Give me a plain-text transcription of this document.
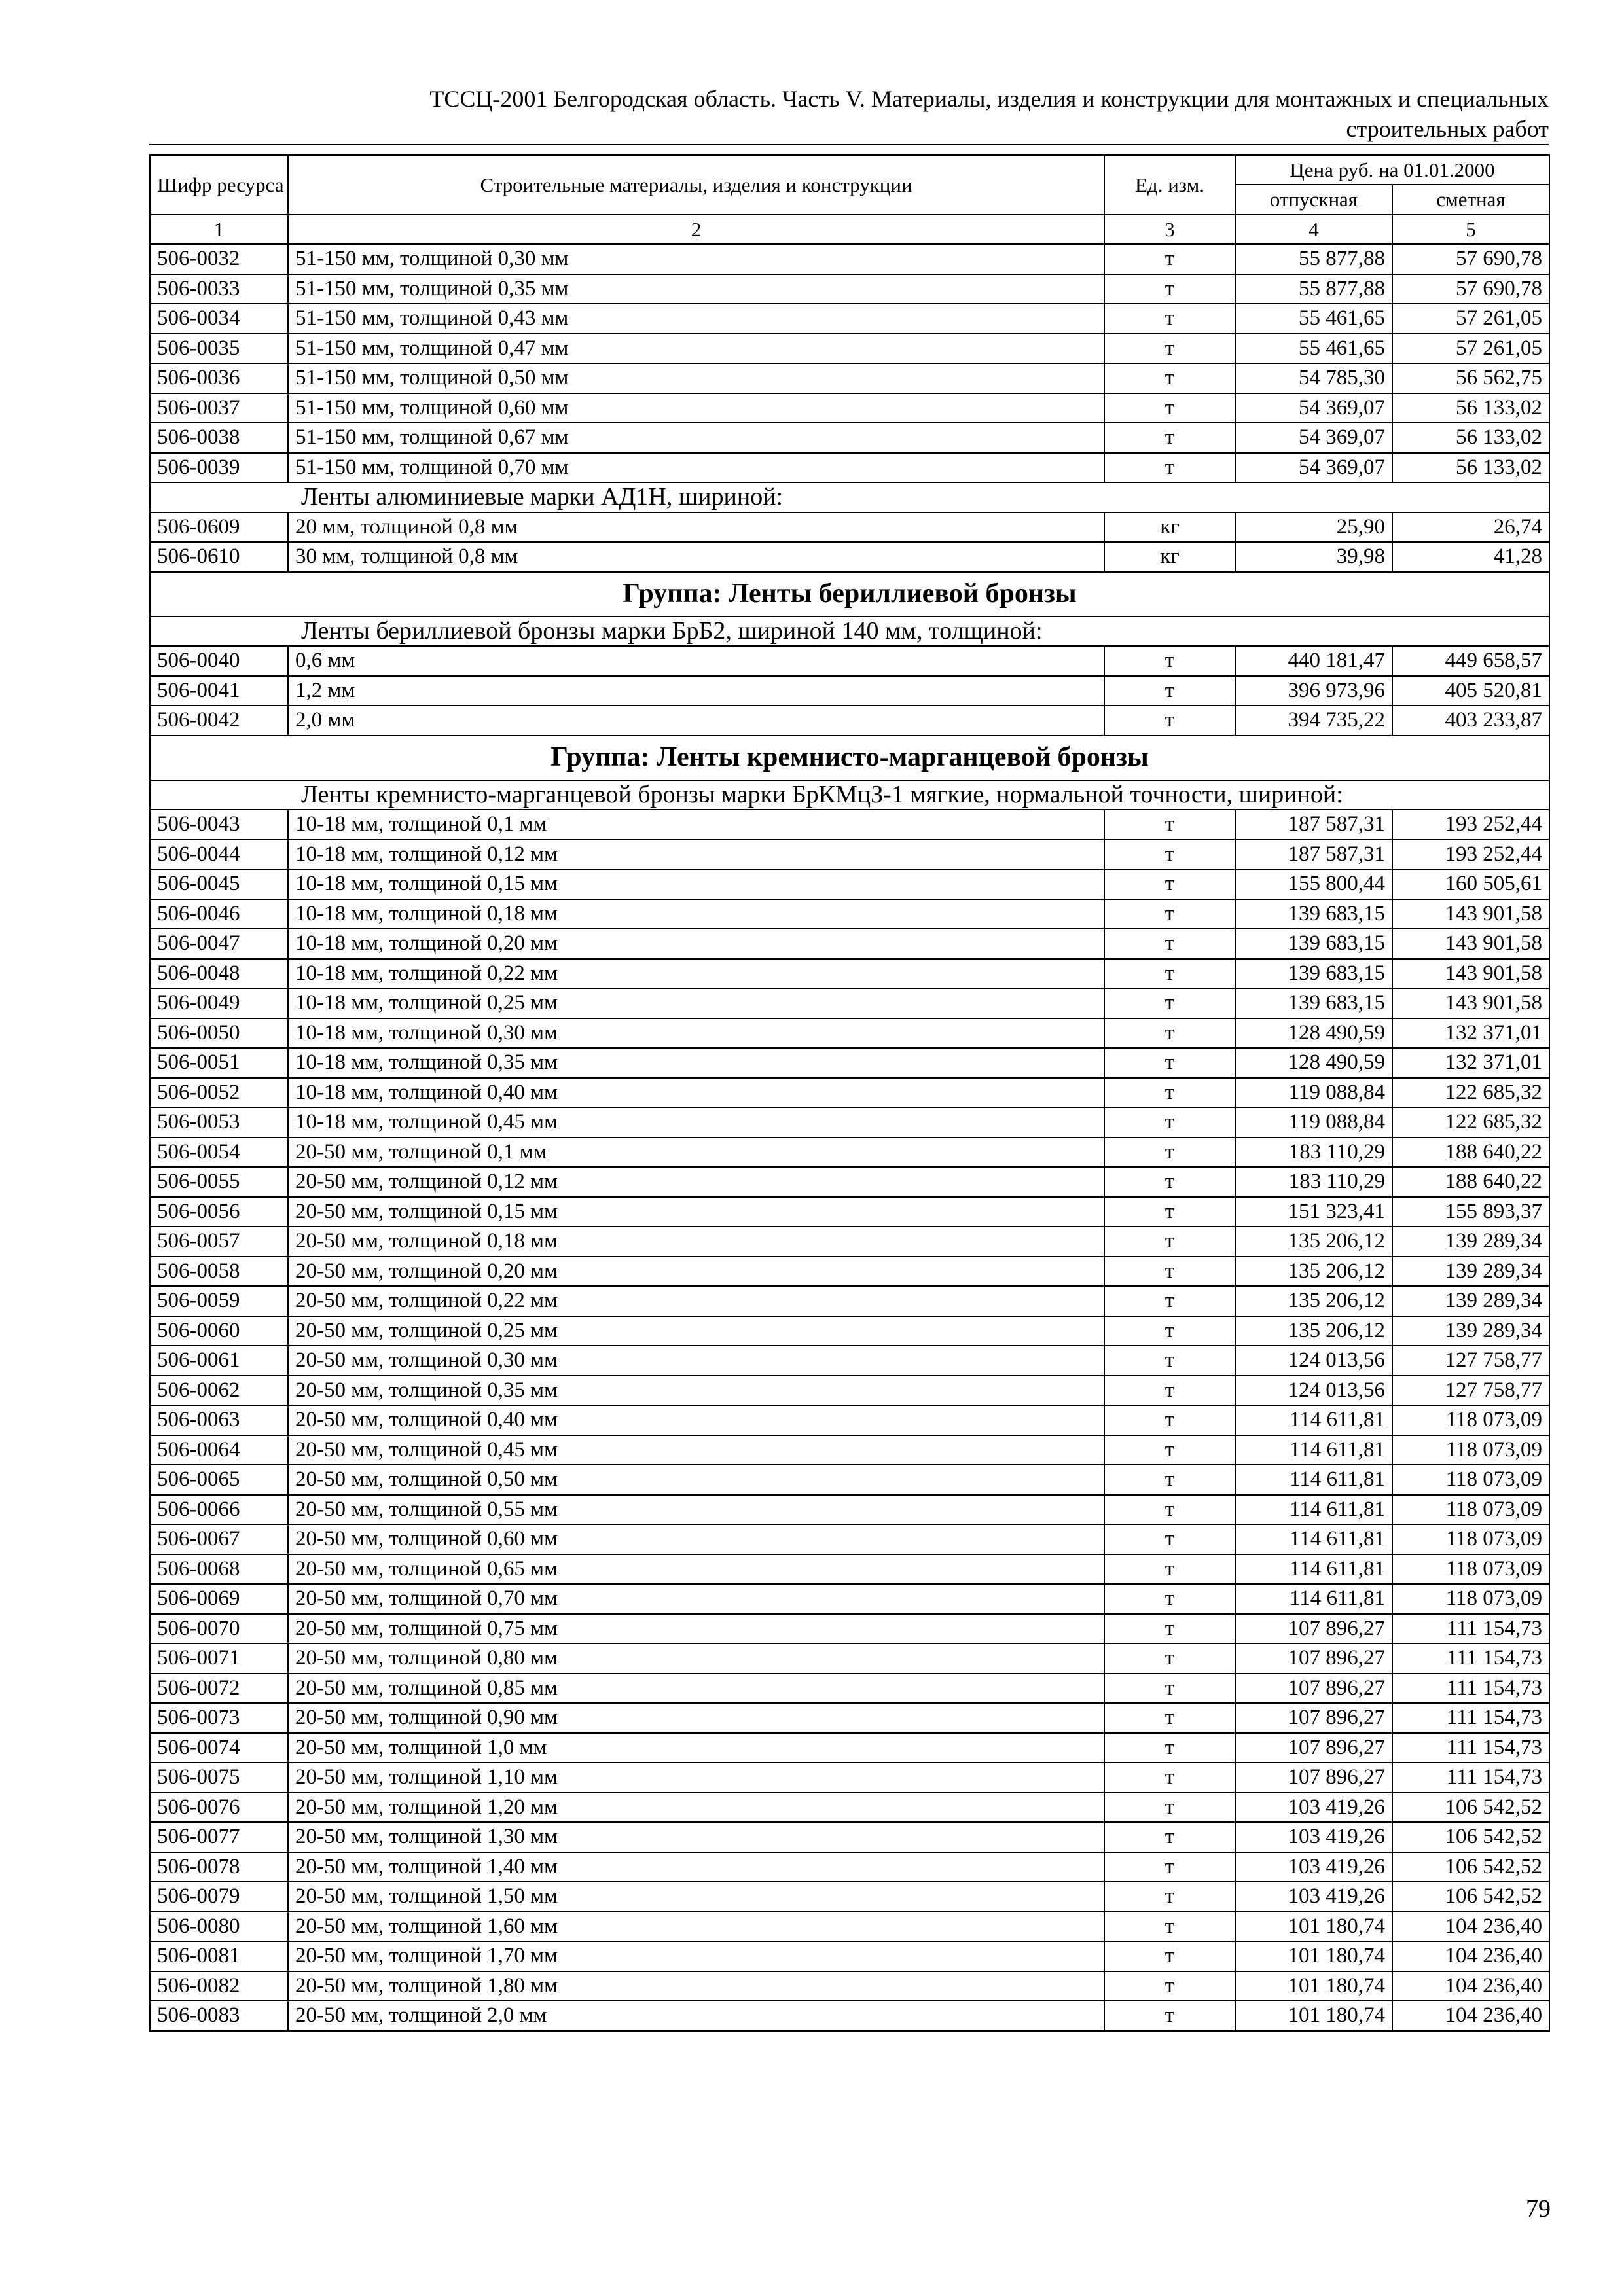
ТССЦ-2001 Белгородская область. Часть V. Материалы, изделия и конструкции для монтажных и специальных
строительных работ
Шифр ресурса	Строительные материалы, изделия и конструкции	Ед. изм.	Цена руб. на 01.01.2000	
			отпускная	сметная
1	2	3	4	5
506-0032	51-150 мм, толщиной 0,30 мм	т	55 877,88	57 690,78
506-0033	51-150 мм, толщиной 0,35 мм	т	55 877,88	57 690,78
506-0034	51-150 мм, толщиной 0,43 мм	т	55 461,65	57 261,05
506-0035	51-150 мм, толщиной 0,47 мм	т	55 461,65	57 261,05
506-0036	51-150 мм, толщиной 0,50 мм	т	54 785,30	56 562,75
506-0037	51-150 мм, толщиной 0,60 мм	т	54 369,07	56 133,02
506-0038	51-150 мм, толщиной 0,67 мм	т	54 369,07	56 133,02
506-0039	51-150 мм, толщиной 0,70 мм	т	54 369,07	56 133,02
Ленты алюминиевые марки АД1Н, шириной:				
506-0609	20 мм, толщиной 0,8 мм	кг	25,90	26,74
506-0610	30 мм, толщиной 0,8 мм	кг	39,98	41,28
Группа: Ленты бериллиевой бронзы				
Ленты бериллиевой бронзы марки БрБ2, шириной 140 мм, толщиной:				
506-0040	0,6 мм	т	440 181,47	449 658,57
506-0041	1,2 мм	т	396 973,96	405 520,81
506-0042	2,0 мм	т	394 735,22	403 233,87
Группа: Ленты кремнисто-марганцевой бронзы				
Ленты кремнисто-марганцевой бронзы марки БрКМцЗ-1 мягкие, нормальной точности, шириной:				
506-0043	10-18 мм, толщиной 0,1 мм	т	187 587,31	193 252,44
506-0044	10-18 мм, толщиной 0,12 мм	т	187 587,31	193 252,44
506-0045	10-18 мм, толщиной 0,15 мм	т	155 800,44	160 505,61
506-0046	10-18 мм, толщиной 0,18 мм	т	139 683,15	143 901,58
506-0047	10-18 мм, толщиной 0,20 мм	т	139 683,15	143 901,58
506-0048	10-18 мм, толщиной 0,22 мм	т	139 683,15	143 901,58
506-0049	10-18 мм, толщиной 0,25 мм	т	139 683,15	143 901,58
506-0050	10-18 мм, толщиной 0,30 мм	т	128 490,59	132 371,01
506-0051	10-18 мм, толщиной 0,35 мм	т	128 490,59	132 371,01
506-0052	10-18 мм, толщиной 0,40 мм	т	119 088,84	122 685,32
506-0053	10-18 мм, толщиной 0,45 мм	т	119 088,84	122 685,32
506-0054	20-50 мм, толщиной 0,1 мм	т	183 110,29	188 640,22
506-0055	20-50 мм, толщиной 0,12 мм	т	183 110,29	188 640,22
506-0056	20-50 мм, толщиной 0,15 мм	т	151 323,41	155 893,37
506-0057	20-50 мм, толщиной 0,18 мм	т	135 206,12	139 289,34
506-0058	20-50 мм, толщиной 0,20 мм	т	135 206,12	139 289,34
506-0059	20-50 мм, толщиной 0,22 мм	т	135 206,12	139 289,34
506-0060	20-50 мм, толщиной 0,25 мм	т	135 206,12	139 289,34
506-0061	20-50 мм, толщиной 0,30 мм	т	124 013,56	127 758,77
506-0062	20-50 мм, толщиной 0,35 мм	т	124 013,56	127 758,77
506-0063	20-50 мм, толщиной 0,40 мм	т	114 611,81	118 073,09
506-0064	20-50 мм, толщиной 0,45 мм	т	114 611,81	118 073,09
506-0065	20-50 мм, толщиной 0,50 мм	т	114 611,81	118 073,09
506-0066	20-50 мм, толщиной 0,55 мм	т	114 611,81	118 073,09
506-0067	20-50 мм, толщиной 0,60 мм	т	114 611,81	118 073,09
506-0068	20-50 мм, толщиной 0,65 мм	т	114 611,81	118 073,09
506-0069	20-50 мм, толщиной 0,70 мм	т	114 611,81	118 073,09
506-0070	20-50 мм, толщиной 0,75 мм	т	107 896,27	111 154,73
506-0071	20-50 мм, толщиной 0,80 мм	т	107 896,27	111 154,73
506-0072	20-50 мм, толщиной 0,85 мм	т	107 896,27	111 154,73
506-0073	20-50 мм, толщиной 0,90 мм	т	107 896,27	111 154,73
506-0074	20-50 мм, толщиной 1,0 мм	т	107 896,27	111 154,73
506-0075	20-50 мм, толщиной 1,10 мм	т	107 896,27	111 154,73
506-0076	20-50 мм, толщиной 1,20 мм	т	103 419,26	106 542,52
506-0077	20-50 мм, толщиной 1,30 мм	т	103 419,26	106 542,52
506-0078	20-50 мм, толщиной 1,40 мм	т	103 419,26	106 542,52
506-0079	20-50 мм, толщиной 1,50 мм	т	103 419,26	106 542,52
506-0080	20-50 мм, толщиной 1,60 мм	т	101 180,74	104 236,40
506-0081	20-50 мм, толщиной 1,70 мм	т	101 180,74	104 236,40
506-0082	20-50 мм, толщиной 1,80 мм	т	101 180,74	104 236,40
506-0083	20-50 мм, толщиной 2,0 мм	т	101 180,74	104 236,40
79
